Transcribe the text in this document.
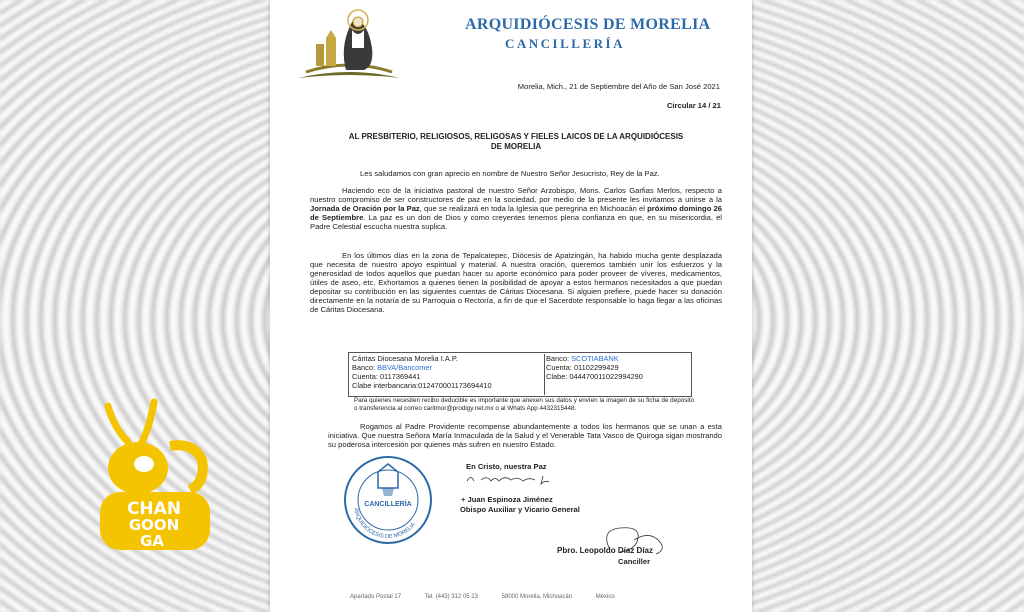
ARQUIDIÓCESIS DE MORELIA
CANCILLERÍA
Morelia, Mich., 21 de Septiembre del Año de San José 2021
Circular 14 / 21
AL PRESBITERIO, RELIGIOSOS, RELIGOSAS Y FIELES LAICOS DE LA ARQUIDIÓCESIS
DE MORELIA
Les saludamos con gran aprecio en nombre de Nuestro Señor Jesucristo, Rey de la Paz.
Haciendo eco de la iniciativa pastoral de nuestro Señor Arzobispo, Mons. Carlos Garfias Merlos, respecto a nuestro compromiso de ser constructores de paz en la sociedad, por medio de la presente les invitamos a unirse a la Jornada de Oración por la Paz, que se realizará en toda la Iglesia que peregrina en Michoacán el próximo domingo 26 de Septiembre. La paz es un don de Dios y como creyentes tenemos plena confianza en que, en su misericordia, el Padre Celestial escucha nuestra suplica.
En los últimos días en la zona de Tepalcatepec, Diócesis de Apatzingán, ha habido mucha gente desplazada que necesita de nuestro apoyo espiritual y material. A nuestra oración, queremos también unir los esfuerzos y la generosidad de todos aquellos que puedan hacer su aporte económico para poder proveer de víveres, medicamentos, útiles de aseo, etc. Exhortamos a quienes tienen la posibilidad de apoyar a estos hermanos necesitados a que puedan depositar su contribución en las siguientes cuentas de Cáritas Diocesana. Si alguien prefiere, puede hacer su donación directamente en la notaría de su Parroquia o Rectoría, a fin de que el Sacerdote responsable lo haga llegar a las oficinas de Cáritas Diocesana.
Cáritas Diocesana Morelia I.A.P.
Banco: BBVA/Bancomer
Cuenta: 0117369441
Clabe interbancaria:012470001173694410
Banco: SCOTIABANK
Cuenta: 01102299429
Clabe: 044470011022994290
Para quienes necesiten recibo deducible es importante que anexen sus datos y envíen la imagen de su ficha de depósito o transferencia al correo caritmor@prodigy.net.mx o al Whats App 4432315448.
Rogamos al Padre Providente recompense abundantemente a todos los hermanos que se unan a esta iniciativa. Que nuestra Señora María Inmaculada de la Salud y el Venerable Tata Vasco de Quiroga sigan mostrando su poderosa intercesión por quienes más sufren en nuestro Estado.
CANCILLERÍA
ARQUIDIÓCESIS DE MORELIA
En Cristo, nuestra Paz
+ Juan Espinoza Jiménez
Obispo Auxiliar y Vicario General
Pbro. Leopoldo Díaz Díaz
Canciller
Apartado Postal 17	Tel. (443) 312 05 23	58000 Morelia, Michoacán	México
CHAN
GOON
GA
